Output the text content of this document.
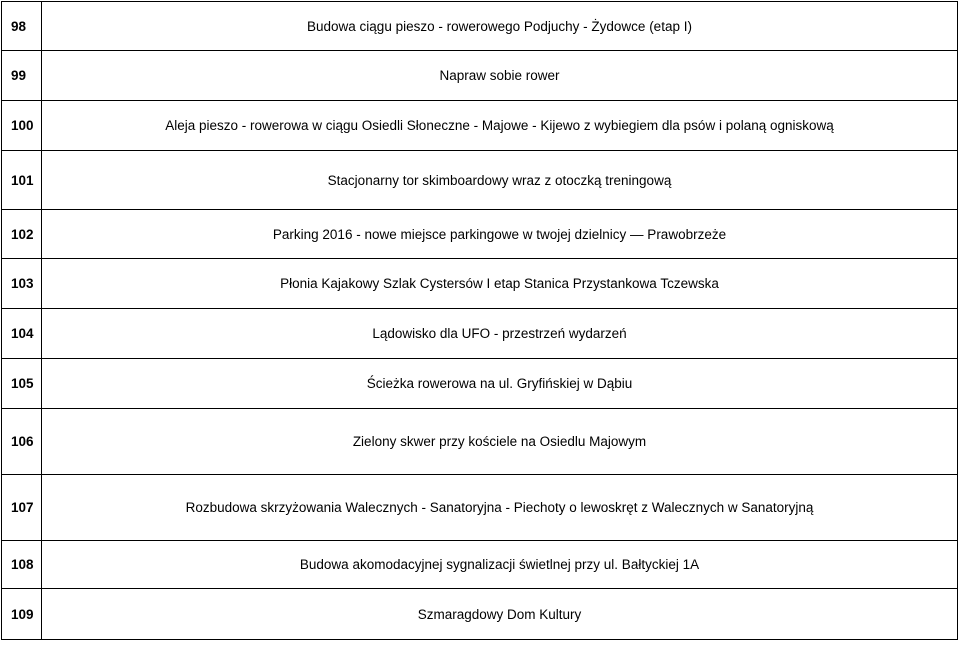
98	Budowa ciągu pieszo - rowerowego Podjuchy - Żydowce (etap I)
99	Napraw sobie rower
100	Aleja pieszo - rowerowa w ciągu Osiedli Słoneczne - Majowe - Kijewo z wybiegiem dla psów i polaną ogniskową
101	Stacjonarny tor skimboardowy wraz z otoczką treningową
102	Parking 2016 - nowe miejsce parkingowe w twojej dzielnicy ― Prawobrzeże
103	Płonia Kajakowy Szlak Cystersów I etap Stanica Przystankowa Tczewska
104	Lądowisko dla UFO - przestrzeń wydarzeń
105	Ścieżka rowerowa na ul. Gryfińskiej w Dąbiu
106	Zielony skwer przy kościele na Osiedlu Majowym
107	Rozbudowa skrzyżowania Walecznych - Sanatoryjna - Piechoty o lewoskręt z Walecznych w Sanatoryjną
108	Budowa akomodacyjnej sygnalizacji świetlnej przy ul. Bałtyckiej 1A
109	Szmaragdowy Dom Kultury
